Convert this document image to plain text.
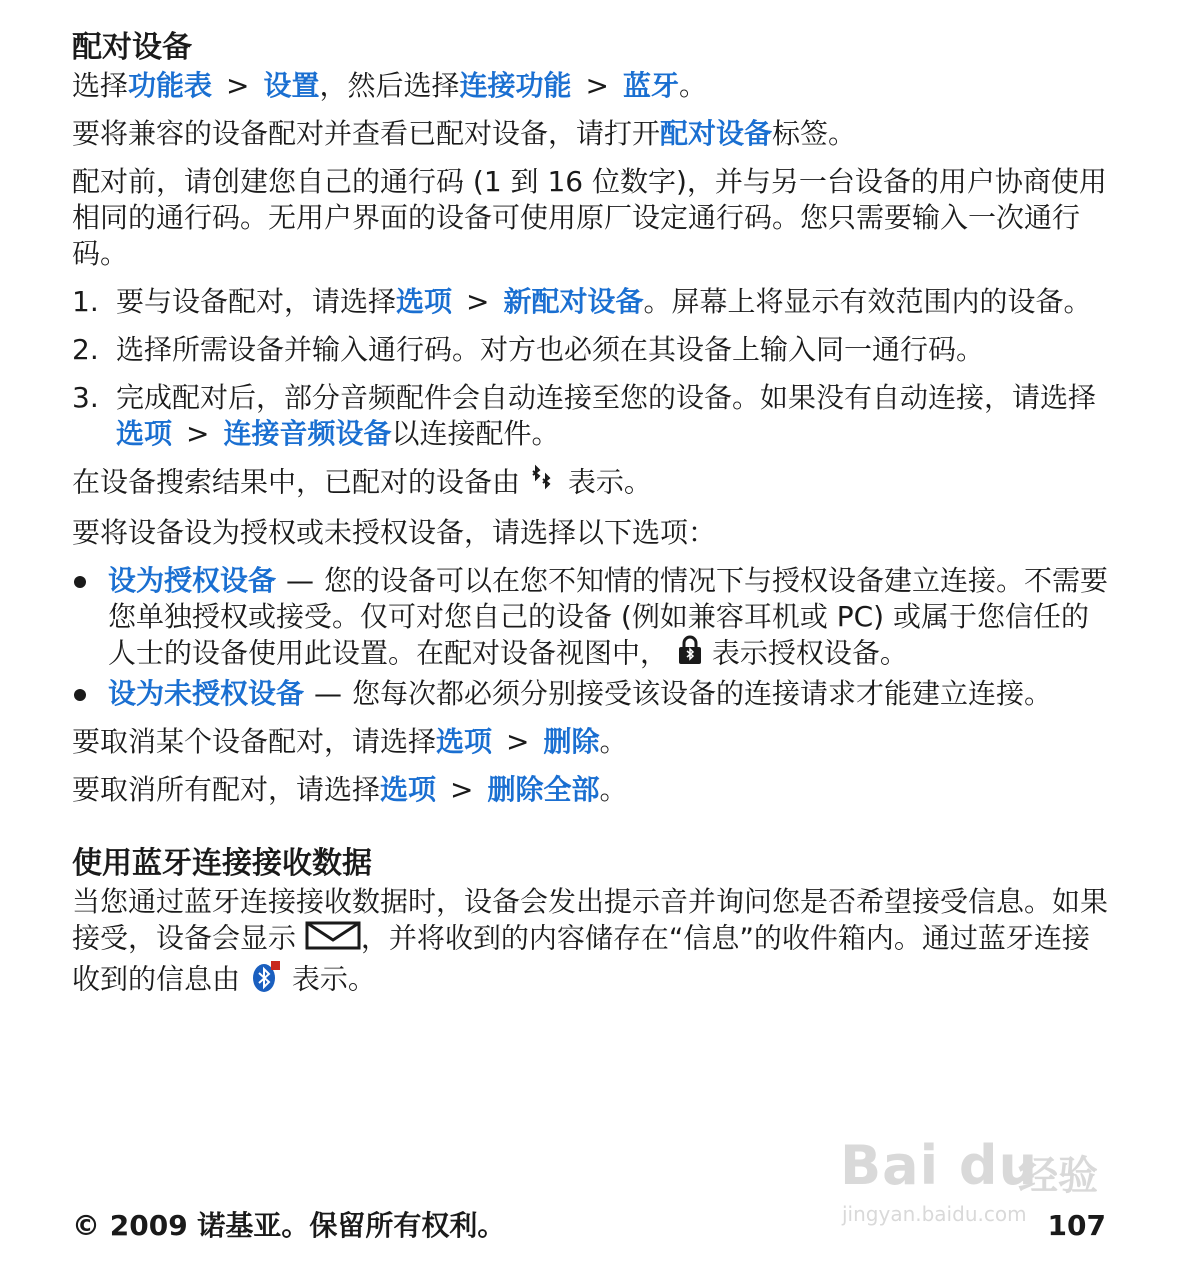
配对设备

选择功能表 > 设置，然后选择连接功能 > 蓝牙。

要将兼容的设备配对并查看已配对设备，请打开配对设备标签。

配对前，请创建您自己的通行码 (1 到 16 位数字)，并与另一台设备的用户协商使用相同的通行码。无用户界面的设备可使用原厂设定通行码。您只需要输入一次通行码。

1. 要与设备配对，请选择选项 > 新配对设备。屏幕上将显示有效范围内的设备。
2. 选择所需设备并输入通行码。对方也必须在其设备上输入同一通行码。
3. 完成配对后，部分音频配件会自动连接至您的设备。如果没有自动连接，请选择选项 > 连接音频设备以连接配件。

在设备搜索结果中，已配对的设备由 表示。

要将设备设为授权或未授权设备，请选择以下选项：

设为授权设备 — 您的设备可以在您不知情的情况下与授权设备建立连接。不需要您单独授权或接受。仅可对您自己的设备 (例如兼容耳机或 PC) 或属于您信任的人士的设备使用此设置。在配对设备视图中， 表示授权设备。
设为未授权设备 — 您每次都必须分别接受该设备的连接请求才能建立连接。

要取消某个设备配对，请选择选项 > 删除。

要取消所有配对，请选择选项 > 删除全部。

使用蓝牙连接接收数据

当您通过蓝牙连接接收数据时，设备会发出提示音并询问您是否希望接受信息。如果接受，设备会显示 ，并将收到的内容储存在“信息”的收件箱内。通过蓝牙连接收到的信息由 表示。

Bai du
经验
jingyan.baidu.com
© 2009 诺基亚。保留所有权利。	107
